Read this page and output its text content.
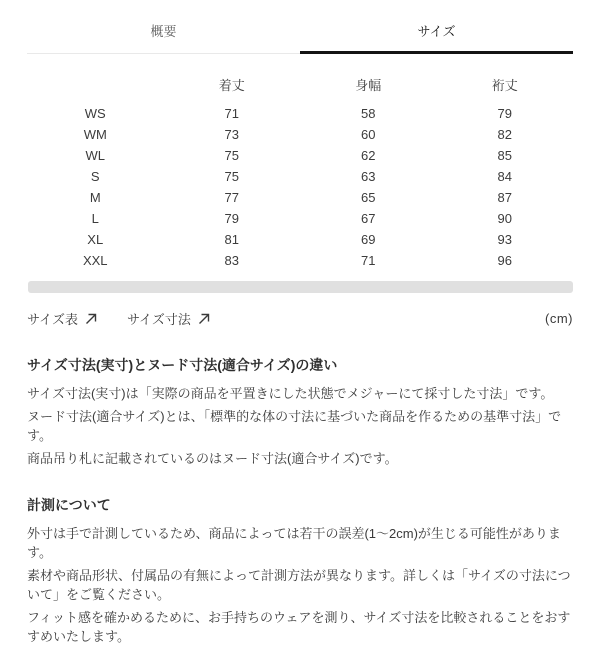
概要	サイズ
着丈	身幅	裄丈
WS	71	58	79
WM	73	60	82
WL	75	62	85
S	75	63	84
M	77	65	87
L	79	67	90
XL	81	69	93
XXL	83	71	96
サイズ表	サイズ寸法	(cm)
サイズ寸法(実寸)とヌード寸法(適合サイズ)の違い

サイズ寸法(実寸)は「実際の商品を平置きにした状態でメジャーにて採寸した寸法」です。

ヌード寸法(適合サイズ)とは、「標準的な体の寸法に基づいた商品を作るための基準寸法」です。

商品吊り札に記載されているのはヌード寸法(適合サイズ)です。

計測について

外寸は手で計測しているため、商品によっては若干の誤差(1〜2cm)が生じる可能性があります。

素材や商品形状、付属品の有無によって計測方法が異なります。詳しくは「サイズの寸法について」をご覧ください。

フィット感を確かめるために、お手持ちのウェアを測り、サイズ寸法を比較されることをおすすめいたします。
